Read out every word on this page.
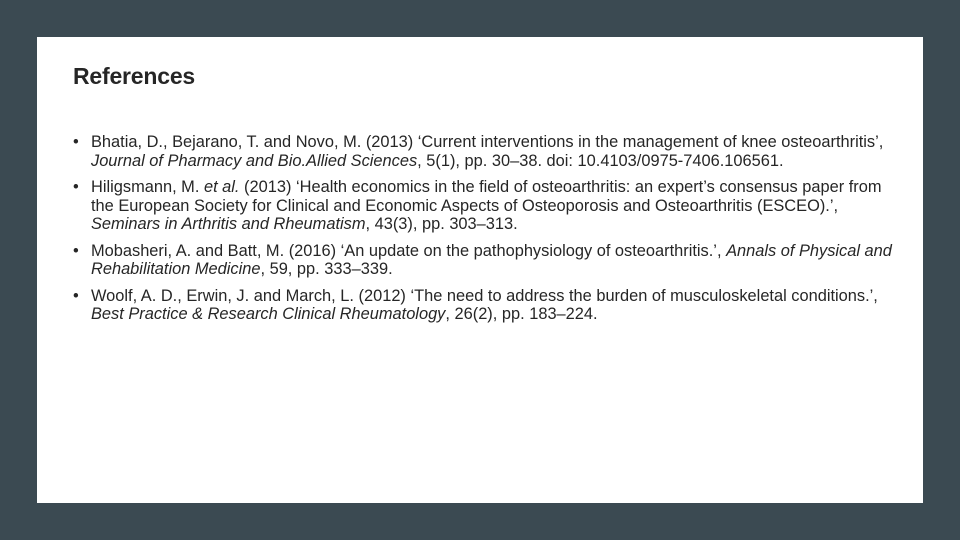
References
• Bhatia, D., Bejarano, T. and Novo, M. (2013) ‘Current interventions in the management of knee osteoarthritis’, Journal of Pharmacy and Bio.Allied Sciences, 5(1), pp. 30–38. doi: 10.4103/0975-7406.106561.
• Hiligsmann, M. et al. (2013) ‘Health economics in the field of osteoarthritis: an expert’s consensus paper from the European Society for Clinical and Economic Aspects of Osteoporosis and Osteoarthritis (ESCEO).’, Seminars in Arthritis and Rheumatism, 43(3), pp. 303–313.
• Mobasheri, A. and Batt, M. (2016) ‘An update on the pathophysiology of osteoarthritis.’, Annals of Physical and Rehabilitation Medicine, 59, pp. 333–339.
• Woolf, A. D., Erwin, J. and March, L. (2012) ‘The need to address the burden of musculoskeletal conditions.’, Best Practice & Research Clinical Rheumatology, 26(2), pp. 183–224.
